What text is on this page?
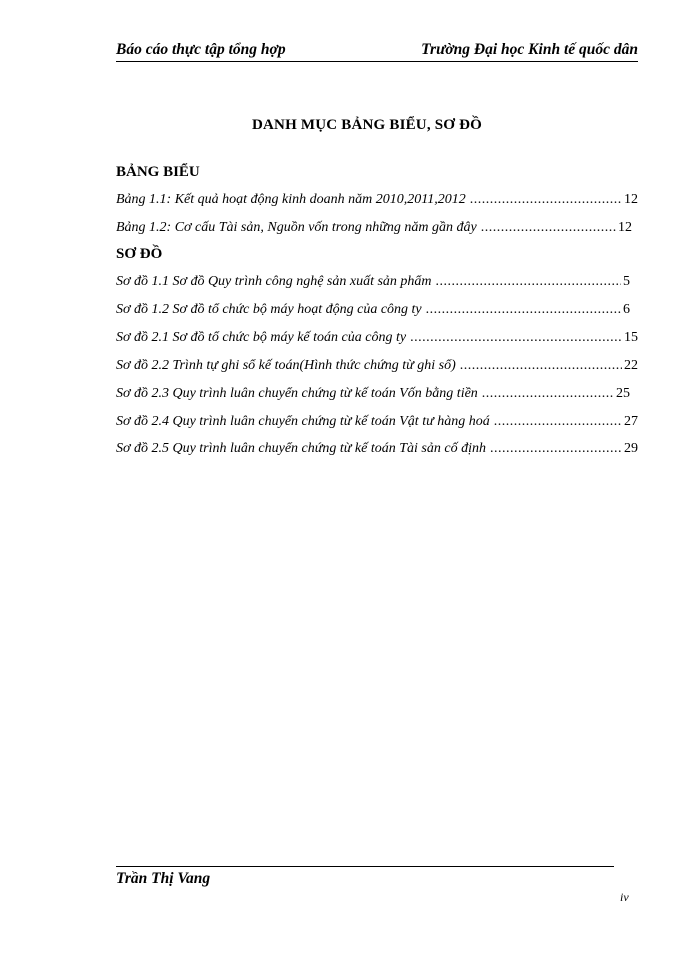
Báo cáo thực tập tổng hợp	Trường Đại học Kinh tế quốc dân
DANH MỤC BẢNG BIỂU, SƠ ĐỒ
BẢNG BIỂU
Bảng 1.1: Kết quả hoạt động kinh doanh năm 2010,2011,2012 .....	12
Bảng 1.2: Cơ cấu Tài sản, Nguồn vốn trong những năm gần đây .....	12
SƠ ĐỒ
Sơ đồ 1.1 Sơ đồ Quy trình công nghệ sản xuất sản phẩm .....	5
Sơ đồ 1.2 Sơ đồ tổ chức bộ máy hoạt động của công ty .....	6
Sơ đồ 2.1 Sơ đồ tổ chức bộ máy kế toán của công ty .....	15
Sơ đồ 2.2 Trình tự ghi sổ kế toán(Hình thức chứng từ ghi sổ) .....	22
Sơ đồ 2.3 Quy trình luân chuyển chứng từ kế toán Vốn bằng tiền .....	25
Sơ đồ 2.4 Quy trình luân chuyển chứng từ kế toán Vật tư hàng hoá .....	27
Sơ đồ 2.5 Quy trình luân chuyển chứng từ kế toán Tài sản cố định .....	29
Trần Thị Vang
iv
